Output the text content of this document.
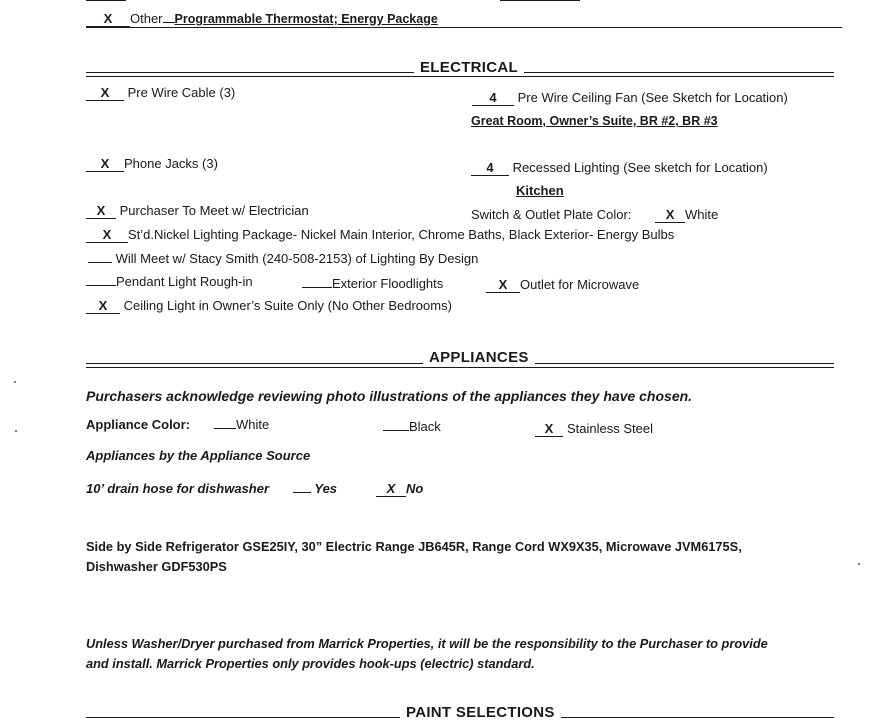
X Other Programmable Thermostat; Energy Package
ELECTRICAL
X Pre Wire Cable (3)	4 Pre Wire Ceiling Fan (See Sketch for Location)
Great Room, Owner’s Suite, BR #2, BR #3
X Phone Jacks (3)	4 Recessed Lighting (See sketch for Location)
Kitchen
X Purchaser To Meet w/ Electrician	Switch & Outlet Plate Color:	X White
X St’d.Nickel Lighting Package- Nickel Main Interior, Chrome Baths, Black Exterior- Energy Bulbs
Will Meet w/ Stacy Smith (240-508-2153) of Lighting By Design
Pendant Light Rough-in	Exterior Floodlights	X Outlet for Microwave
X Ceiling Light in Owner’s Suite Only (No Other Bedrooms)
APPLIANCES
Purchasers acknowledge reviewing photo illustrations of the appliances they have chosen.
Appliance Color:	White	Black	X Stainless Steel
Appliances by the Appliance Source
10’ drain hose for dishwasher	Yes	X No
Side by Side Refrigerator GSE25IY, 30” Electric Range JB645R, Range Cord WX9X35, Microwave JVM6175S,
Dishwasher GDF530PS
Unless Washer/Dryer purchased from Marrick Properties, it will be the responsibility to the Purchaser to provide
and install. Marrick Properties only provides hook-ups (electric) standard.
PAINT SELECTIONS
